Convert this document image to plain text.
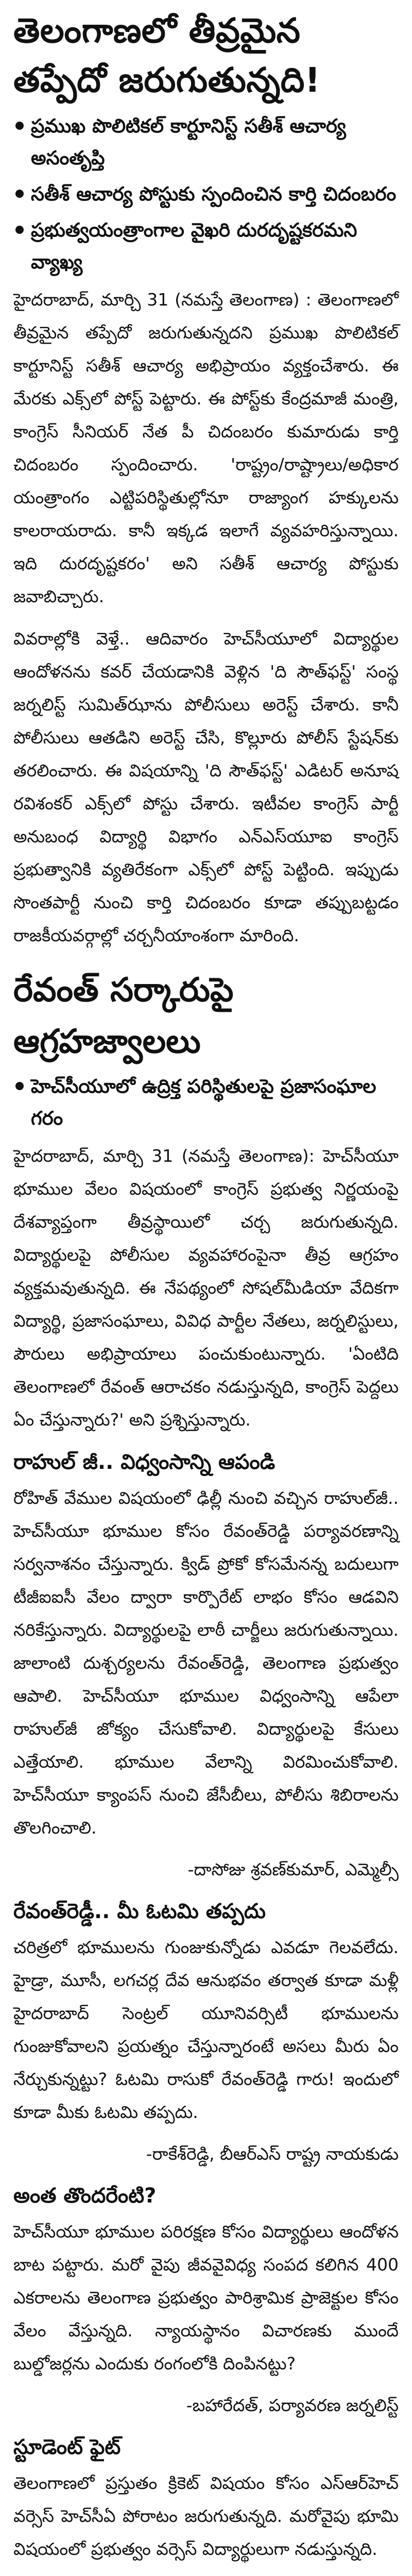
తెలంగాణలో తీవ్రమైన తప్పేదో జరుగుతున్నది!
ప్రముఖ పొలిటికల్‌ కార్టూనిస్ట్‌ సతీశ్‌ ఆచార్య అసంతృప్తి
సతీశ్‌ ఆచార్య పోస్టుకు స్పందించిన కార్తి చిదంబరం
ప్రభుత్వయంత్రాంగాల వైఖరి దురదృష్టకరమని వ్యాఖ్య

హైదరాబాద్‌, మార్చి 31 (నమస్తే తెలంగాణ) : తెలంగాణలో తీవ్రమైన తప్పేదో జరుగుతున్నదని ప్రముఖ పొలిటికల్‌ కార్టూనిస్ట్‌ సతీశ్‌ ఆచార్య అభిప్రాయం వ్యక్తంచేశారు. ఈ మేరకు ఎక్స్‌లో పోస్ట్‌ పెట్టారు. ఈ పోస్ట్‌కు కేంద్రమాజీ మంత్రి, కాంగ్రెస్‌ సీనియర్‌ నేత పీ చిదంబరం కుమారుడు కార్తి చిదంబరం స్పందించారు. 'రాష్ట్రం/రాష్ట్రాలు/అధికార యంత్రాంగం ఎట్టిపరిస్థితుల్లోనూ రాజ్యాంగ హక్కులను కాలరాయరాదు. కానీ ఇక్కడ ఇలాగే వ్యవహరిస్తున్నాయి. ఇది దురదృష్టకరం' అని సతీశ్‌ ఆచార్య పోస్టుకు జవాబిచ్చారు.

వివరాల్లోకి వెళ్తే.. ఆదివారం హెచ్‌సీయూలో విద్యార్థుల ఆందోళనను కవర్‌ చేయడానికి వెళ్లిన 'ది సౌత్‌ఫస్ట్‌' సంస్థ జర్నలిస్ట్‌ సుమిత్‌ఝాను పోలీసులు అరెస్ట్‌ చేశారు. కానీ పోలీసులు ఆతడిని అరెస్ట్‌ చేసి, కొల్లూరు పోలీస్‌ స్టేషన్‌కు తరలించారు. ఈ విషయాన్ని 'ది సౌత్‌ఫస్ట్‌' ఎడిటర్‌ అనూష రవిశంకర్‌ ఎక్స్‌లో పోస్టు చేశారు. ఇటీవల కాంగ్రెస్‌ పార్టీ అనుబంధ విద్యార్థి విభాగం ఎన్‌ఎస్‌యూఐ కాంగ్రెస్‌ ప్రభుత్వానికి వ్యతిరేకంగా ఎక్స్‌లో పోస్ట్‌ పెట్టింది. ఇప్పుడు సొంతపార్టీ నుంచి కార్తి చిదంబరం కూడా తప్పుబట్టడం రాజకీయవర్గాల్లో చర్చనీయాంశంగా మారింది.

రేవంత్‌ సర్కారుపై ఆగ్రహజ్వాలలు
హెచ్‌సీయూలో ఉద్రిక్త పరిస్థితులపై ప్రజాసంఘాల గరం

హైదరాబాద్‌, మార్చి 31 (నమస్తే తెలంగాణ): హెచ్‌సీయూ భూముల వేలం విషయంలో కాంగ్రెస్‌ ప్రభుత్వ నిర్ణయంపై దేశవ్యాప్తంగా తీవ్రస్థాయిలో చర్చ జరుగుతున్నది. విద్యార్థులపై పోలీసుల వ్యవహారంపైనా తీవ్ర ఆగ్రహం వ్యక్తమవుతున్నది. ఈ నేపథ్యంలో సోషల్‌మీడియా వేదికగా విద్యార్థి, ప్రజాసంఘాలు, వివిధ పార్టీల నేతలు, జర్నలిస్టులు, పౌరులు అభిప్రాయాలు పంచుకుంటున్నారు. 'ఏంటిది తెలంగాణలో రేవంత్‌ ఆరాచకం నడుస్తున్నది, కాంగ్రెస్‌ పెద్దలు ఏం చేస్తున్నారు?' అని ప్రశ్నిస్తున్నారు.

రాహుల్‌ జీ.. విధ్వంసాన్ని ఆపండి

రోహిత్‌ వేముల విషయంలో ఢిల్లీ నుంచి వచ్చిన రాహుల్‌జీ.. హెచ్‌సీయూ భూముల కోసం రేవంత్‌రెడ్డి పర్యావరణాన్ని సర్వనాశనం చేస్తున్నారు. క్విడ్‌ ప్రోకో కోసమేనన్న బదులుగా టీజీఐఐసీ వేలం ద్వారా కార్పొరేట్‌ లాభం కోసం ఆడవిని నరికేస్తున్నారు. విద్యార్థులపై లాఠీ చార్జీలు జరుగుతున్నాయి. జాలాంటి దుశ్చర్యలను రేవంత్‌రెడ్డి, తెలంగాణ ప్రభుత్వం ఆపాలి. హెచ్‌సీయూ భూముల విధ్వంసాన్ని ఆపేలా రాహుల్‌జీ జోక్యం చేసుకోవాలి. విద్యార్థులపై కేసులు ఎత్తేయాలి. భూముల వేలాన్ని విరమించుకోవాలి. హెచ్‌సీయూ క్యాంపస్‌ నుంచి జేసీబీలు, పోలీసు శిబిరాలను తొలగించాలి.

-దాసోజు శ్రవణ్‌కుమార్‌, ఎమ్మెల్సీ

రేవంత్‌రెడ్డీ.. మీ ఓటమి తప్పదు

చరిత్రలో భూములను గుంజుకున్నోడు ఎవడూ గెలవలేదు. హైడ్రా, మూసీ, లగచర్ల దేవ ఆనుభవం తర్వాత కూడా మళ్లీ హైదరాబాద్‌ సెంట్రల్‌ యూనివర్సిటీ భూములను గుంజుకోవాలని ప్రయత్నం చేస్తున్నారంటే అసలు మీరు ఏం నేర్చుకున్నట్టు? ఓటమి రాసుకో రేవంత్‌రెడ్డి గారు! ఇందులో కూడా మీకు ఓటమి తప్పదు.

-రాకేశ్‌రెడ్డి, బీఆర్‌ఎస్‌ రాష్ట్ర నాయకుడు

అంత తొందరేంటి?

హెచ్‌సీయూ భూముల పరిరక్షణ కోసం విద్యార్థులు ఆందోళన బాట పట్టారు. మరో వైపు జీవవైవిధ్య సంపద కలిగిన 400 ఎకరాలను తెలంగాణ ప్రభుత్వం పారిశ్రామిక ప్రాజెక్టుల కోసం వేలం వేస్తున్నది. న్యాయస్థానం విచారణకు ముందే బుల్డోజర్లను ఎందుకు రంగంలోకి దింపినట్టు?

-బహారేదత్‌, పర్యావరణ జర్నలిస్ట్‌

స్టూడెంట్‌ ఫైట్‌

తెలంగాణలో ప్రస్తుతం క్రికెట్‌ విషయం కోసం ఎస్‌ఆర్‌హెచ్‌ వర్సెస్‌ హెచ్‌సీఏ పోరాటం జరుగుతున్నది. మరోవైపు భూమి విషయంలో ప్రభుత్వం వర్సెస్‌ విద్యార్థులుగా నడుస్తున్నది.
